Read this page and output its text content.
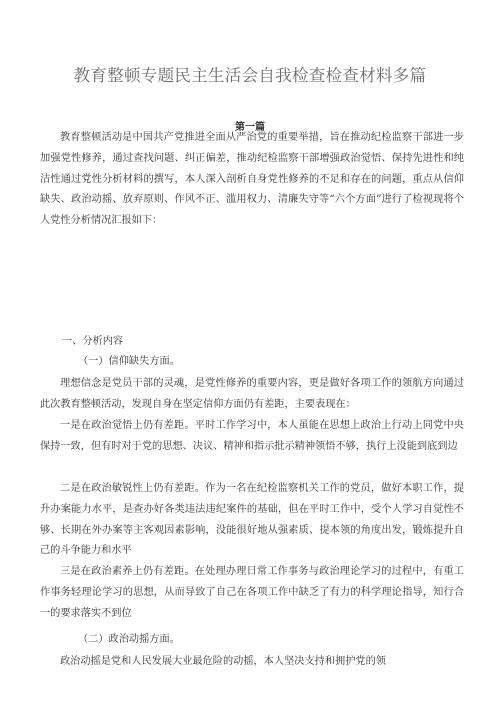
教育整顿专题民主生活会自我检查检查材料多篇
第一篇

教育整顿活动是中国共产党推进全面从严治党的重要举措，旨在推动纪检监察干部进一步加强党性修养，通过查找问题、纠正偏差，推动纪检监察干部增强政治觉悟、保持先进性和纯洁性通过党性分析材料的撰写，本人深入剖析自身党性修养的不足和存在的问题，重点从信仰缺失、政治动摇、放弃原则、作风不正、滥用权力、清廉失守等“六个方面”进行了检视现将个人党性分析情况汇报如下：

一、分析内容

（一）信仰缺失方面。

理想信念是党员干部的灵魂，是党性修养的重要内容，更是做好各项工作的领航方向通过此次教育整顿活动，发现自身在坚定信仰方面仍有差距，主要表现在：

一是在政治觉悟上仍有差距。平时工作学习中，本人虽能在思想上政治上行动上同党中央保持一致，但有时对于党的思想、决议、精神和指示批示精神领悟不够，执行上没能到底到边

二是在政治敏锐性上仍有差距。作为一名在纪检监察机关工作的党员，做好本职工作，提升办案能力水平，是查办好各类违法违纪案件的基础，但在平时工作中，受个人学习自觉性不够、长期在外办案等主客观因素影响，没能很好地从强素质、提本领的角度出发，锻炼提升自己的斗争能力和水平

三是在政治素养上仍有差距。在处理办理日常工作事务与政治理论学习的过程中，有重工作事务轻理论学习的思想，从而导致了自己在各项工作中缺乏了有力的科学理论指导，知行合一的要求落实不到位

（二）政治动摇方面。

政治动摇是党和人民发展大业最危险的动摇，本人坚决支持和拥护党的领
